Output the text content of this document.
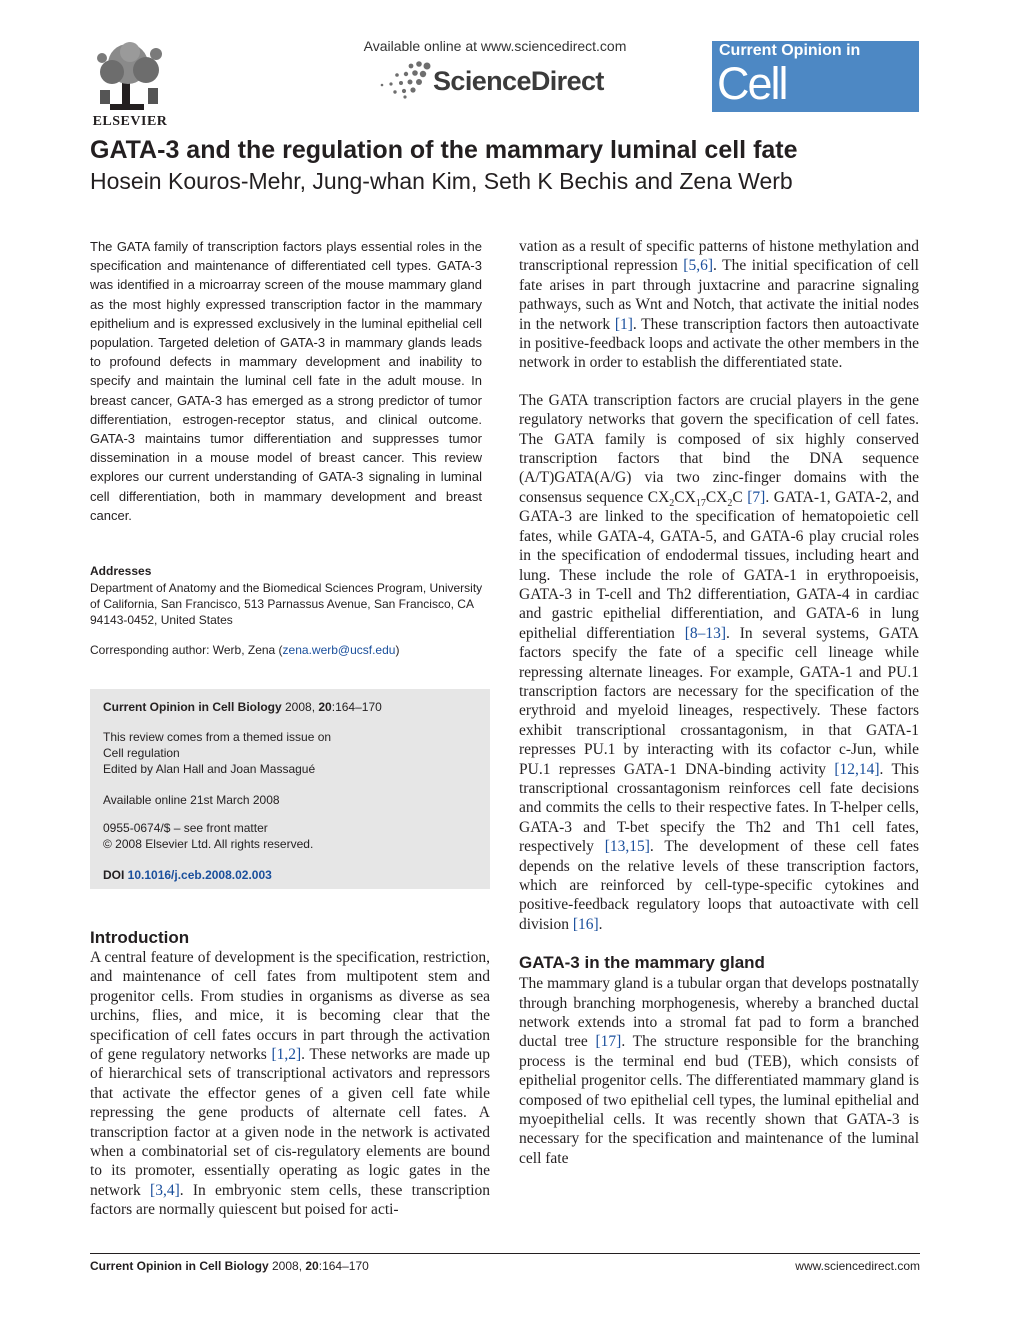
ELSEVIER
Available online at www.sciencedirect.com
ScienceDirect
Current Opinion in
Cell Biology
GATA-3 and the regulation of the mammary luminal cell fate
Hosein Kouros-Mehr, Jung-whan Kim, Seth K Bechis and Zena Werb

The GATA family of transcription factors plays essential roles in the specification and maintenance of differentiated cell types. GATA-3 was identified in a microarray screen of the mouse mammary gland as the most highly expressed transcription factor in the mammary epithelium and is expressed exclusively in the luminal epithelial cell population. Targeted deletion of GATA-3 in mammary glands leads to profound defects in mammary development and inability to specify and maintain the luminal cell fate in the adult mouse. In breast cancer, GATA-3 has emerged as a strong predictor of tumor differentiation, estrogen-receptor status, and clinical outcome. GATA-3 maintains tumor differentiation and suppresses tumor dissemination in a mouse model of breast cancer. This review explores our current understanding of GATA-3 signaling in luminal cell differentiation, both in mammary development and breast cancer.

Addresses

Department of Anatomy and the Biomedical Sciences Program, University of California, San Francisco, 513 Parnassus Avenue, San Francisco, CA 94143-0452, United States

Corresponding author: Werb, Zena (zena.werb@ucsf.edu)
Current Opinion in Cell Biology 2008, 20:164–170
This review comes from a themed issue on
Cell regulation
Edited by Alan Hall and Joan Massagué
Available online 21st March 2008
0955-0674/$ – see front matter
© 2008 Elsevier Ltd. All rights reserved.
DOI 10.1016/j.ceb.2008.02.003
Introduction

A central feature of development is the specification, restriction, and maintenance of cell fates from multipotent stem and progenitor cells. From studies in organisms as diverse as sea urchins, flies, and mice, it is becoming clear that the specification of cell fates occurs in part through the activation of gene regulatory networks [1,2]. These networks are made up of hierarchical sets of transcriptional activators and repressors that activate the effector genes of a given cell fate while repressing the gene products of alternate cell fates. A transcription factor at a given node in the network is activated when a combinatorial set of cis-regulatory elements are bound to its promoter, essentially operating as logic gates in the network [3,4]. In embryonic stem cells, these transcription factors are normally quiescent but poised for acti-

vation as a result of specific patterns of histone methylation and transcriptional repression [5,6]. The initial specification of cell fate arises in part through juxtacrine and paracrine signaling pathways, such as Wnt and Notch, that activate the initial nodes in the network [1]. These transcription factors then autoactivate in positive-feedback loops and activate the other members in the network in order to establish the differentiated state.

The GATA transcription factors are crucial players in the gene regulatory networks that govern the specification of cell fates. The GATA family is composed of six highly conserved transcription factors that bind the DNA sequence (A/T)GATA(A/G) via two zinc-finger domains with the consensus sequence $CX_2CX_{17}CX_2C$ [7]. GATA-1, GATA-2, and GATA-3 are linked to the specification of hematopoietic cell fates, while GATA-4, GATA-5, and GATA-6 play crucial roles in the specification of endodermal tissues, including heart and lung. These include the role of GATA-1 in erythropoeisis, GATA-3 in T-cell and Th2 differentiation, GATA-4 in cardiac and gastric epithelial differentiation, and GATA-6 in lung epithelial differentiation [8–13]. In several systems, GATA factors specify the fate of a specific cell lineage while repressing alternate lineages. For example, GATA-1 and PU.1 transcription factors are necessary for the specification of the erythroid and myeloid lineages, respectively. These factors exhibit transcriptional crossantagonism, in that GATA-1 represses PU.1 by interacting with its cofactor c-Jun, while PU.1 represses GATA-1 DNA-binding activity [12,14]. This transcriptional crossantagonism reinforces cell fate decisions and commits the cells to their respective fates. In T-helper cells, GATA-3 and T-bet specify the Th2 and Th1 cell fates, respectively [13,15]. The development of these cell fates depends on the relative levels of these transcription factors, which are reinforced by cell-type-specific cytokines and positive-feedback regulatory loops that autoactivate with cell division [16].

GATA-3 in the mammary gland

The mammary gland is a tubular organ that develops postnatally through branching morphogenesis, whereby a branched ductal network extends into a stromal fat pad to form a branched ductal tree [17]. The structure responsible for the branching process is the terminal end bud (TEB), which consists of epithelial progenitor cells. The differentiated mammary gland is composed of two epithelial cell types, the luminal epithelial and myoepithelial cells. It was recently shown that GATA-3 is necessary for the specification and maintenance of the luminal cell fate

Current Opinion in Cell Biology 2008, 20:164–170	www.sciencedirect.com
